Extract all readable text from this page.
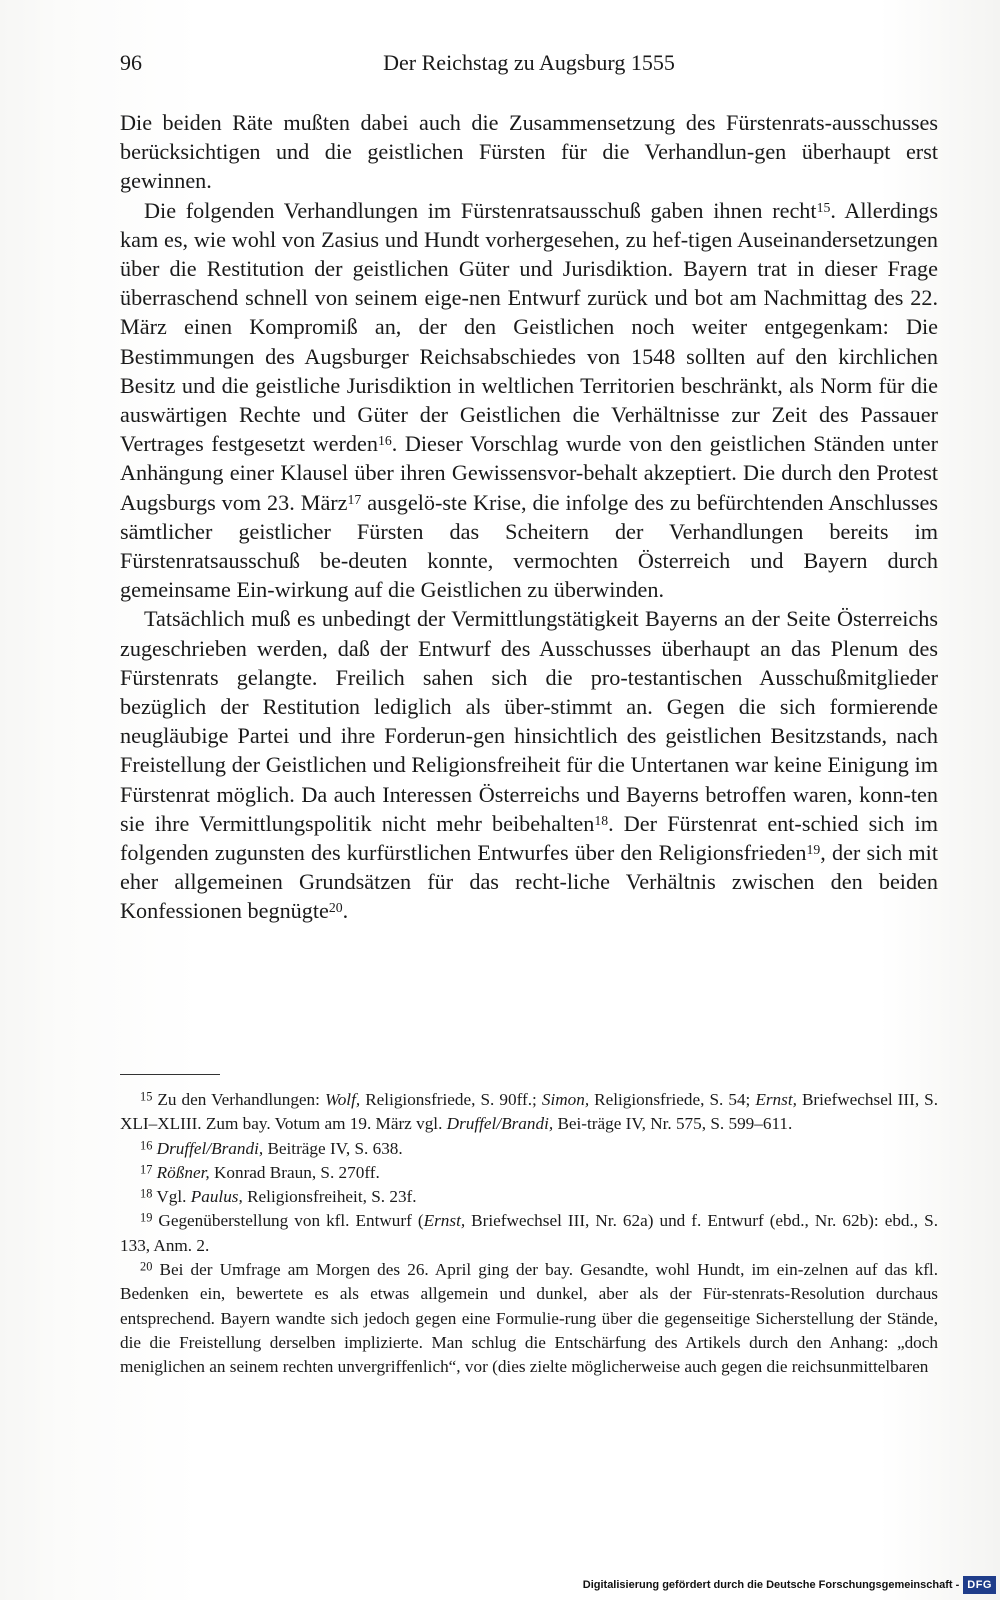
96	Der Reichstag zu Augsburg 1555

Die beiden Räte mußten dabei auch die Zusammensetzung des Fürstenrats-ausschusses berücksichtigen und die geistlichen Fürsten für die Verhandlun-gen überhaupt erst gewinnen.

Die folgenden Verhandlungen im Fürstenratsausschuß gaben ihnen recht$^{15}$. Allerdings kam es, wie wohl von Zasius und Hundt vorhergesehen, zu hef-tigen Auseinandersetzungen über die Restitution der geistlichen Güter und Jurisdiktion. Bayern trat in dieser Frage überraschend schnell von seinem eige-nen Entwurf zurück und bot am Nachmittag des 22. März einen Kompromiß an, der den Geistlichen noch weiter entgegenkam: Die Bestimmungen des Augsburger Reichsabschiedes von 1548 sollten auf den kirchlichen Besitz und die geistliche Jurisdiktion in weltlichen Territorien beschränkt, als Norm für die auswärtigen Rechte und Güter der Geistlichen die Verhältnisse zur Zeit des Passauer Vertrages festgesetzt werden$^{16}$. Dieser Vorschlag wurde von den geistlichen Ständen unter Anhängung einer Klausel über ihren Gewissensvor-behalt akzeptiert. Die durch den Protest Augsburgs vom 23. März$^{17}$ ausgelö-ste Krise, die infolge des zu befürchtenden Anschlusses sämtlicher geistlicher Fürsten das Scheitern der Verhandlungen bereits im Fürstenratsausschuß be-deuten konnte, vermochten Österreich und Bayern durch gemeinsame Ein-wirkung auf die Geistlichen zu überwinden.

Tatsächlich muß es unbedingt der Vermittlungstätigkeit Bayerns an der Seite Österreichs zugeschrieben werden, daß der Entwurf des Ausschusses überhaupt an das Plenum des Fürstenrats gelangte. Freilich sahen sich die pro-testantischen Ausschußmitglieder bezüglich der Restitution lediglich als über-stimmt an. Gegen die sich formierende neugläubige Partei und ihre Forderun-gen hinsichtlich des geistlichen Besitzstands, nach Freistellung der Geistlichen und Religionsfreiheit für die Untertanen war keine Einigung im Fürstenrat möglich. Da auch Interessen Österreichs und Bayerns betroffen waren, konn-ten sie ihre Vermittlungspolitik nicht mehr beibehalten$^{18}$. Der Fürstenrat ent-schied sich im folgenden zugunsten des kurfürstlichen Entwurfes über den Religionsfrieden$^{19}$, der sich mit eher allgemeinen Grundsätzen für das recht-liche Verhältnis zwischen den beiden Konfessionen begnügte$^{20}$.

$^{15}$ Zu den Verhandlungen: Wolf, Religionsfriede, S. 90ff.; Simon, Religionsfriede, S. 54; Ernst, Briefwechsel III, S. XLI–XLIII. Zum bay. Votum am 19. März vgl. Druffel/Brandi, Bei-träge IV, Nr. 575, S. 599–611.

$^{16}$ Druffel/Brandi, Beiträge IV, S. 638.

$^{17}$ Rößner, Konrad Braun, S. 270ff.

$^{18}$ Vgl. Paulus, Religionsfreiheit, S. 23f.

$^{19}$ Gegenüberstellung von kfl. Entwurf (Ernst, Briefwechsel III, Nr. 62a) und f. Entwurf (ebd., Nr. 62b): ebd., S. 133, Anm. 2.

$^{20}$ Bei der Umfrage am Morgen des 26. April ging der bay. Gesandte, wohl Hundt, im ein-zelnen auf das kfl. Bedenken ein, bewertete es als etwas allgemein und dunkel, aber als der Für-stenrats-Resolution durchaus entsprechend. Bayern wandte sich jedoch gegen eine Formulie-rung über die gegenseitige Sicherstellung der Stände, die die Freistellung derselben implizierte. Man schlug die Entschärfung des Artikels durch den Anhang: „doch meniglichen an seinem rechten unvergriffenlich“, vor (dies zielte möglicherweise auch gegen die reichsunmittelbaren

Digitalisierung gefördert durch die Deutsche Forschungsgemeinschaft - DFG
